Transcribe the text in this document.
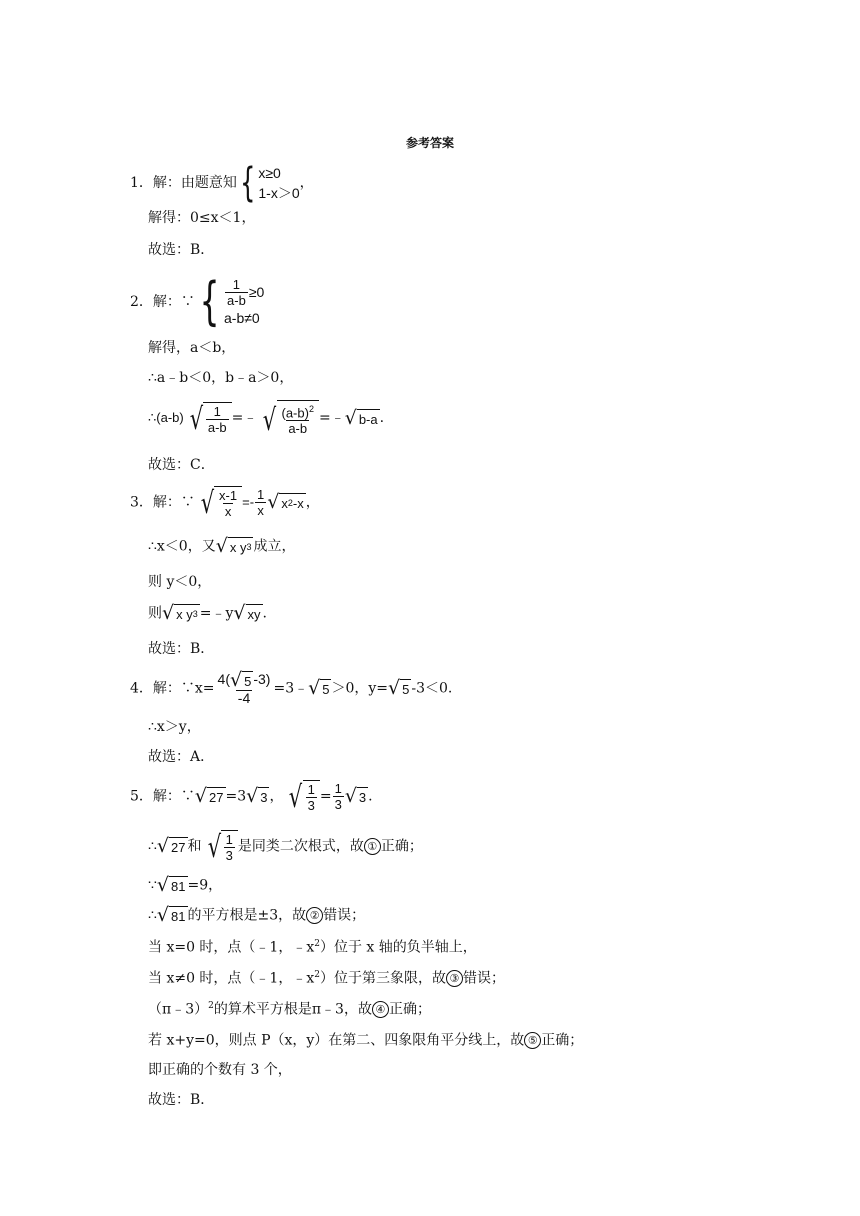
参考答案
1．解：由题意知{ x≥0
1-x＞0
，
解得：0≤x＜1，
故选：B．
2．解：∵{ $\frac{1}{a-b} \ge 0$
a-b≠0
解得，a＜b，
∴a﹣b＜0，b﹣a＞0，
∴(a-b) √ $\frac{1}{a-b}$ =﹣ √ $\frac{(a-b)^2}{a-b}$ =﹣ √ b-a .
故选：C．
3．解：∵ √ $\frac{x-1}{x} =- \frac{1}{x}$ √ x 2 -x ，
∴x＜0，又 √ x y 3 成立，
则 y＜0，
则 √ x y 3 =﹣y √ xy .
故选：B．
4．解：∵x= $\frac{4( √ 5 -3)}{-4}$ =3﹣ √ 5 ＞0，y= √ 5 -3＜0.
∴x＞y，
故选：A．
5．解：∵ √ 27 =3 √ 3 ， √ $\frac{1}{3} = \frac{1}{3}$ √ 3 .
∴ √ 27 和 √ $\frac{1}{3}$ 是同类二次根式，故 ① 正确；
∵ √ 81 =9，
∴ √ 81 的平方根是±3，故 ② 错误；
当 x=0 时，点（﹣1，$﹣x^2$）位于 x 轴的负半轴上，
当 x≠0 时，点（﹣1，$﹣x^2$）位于第三象限，故 ③ 错误；
（π﹣3）$^2$的算术平方根是π﹣3，故 ④ 正确；
若 x+y=0，则点 P（x，y）在第二、四象限角平分线上，故 ⑤ 正确；
即正确的个数有 3 个，
故选：B．
